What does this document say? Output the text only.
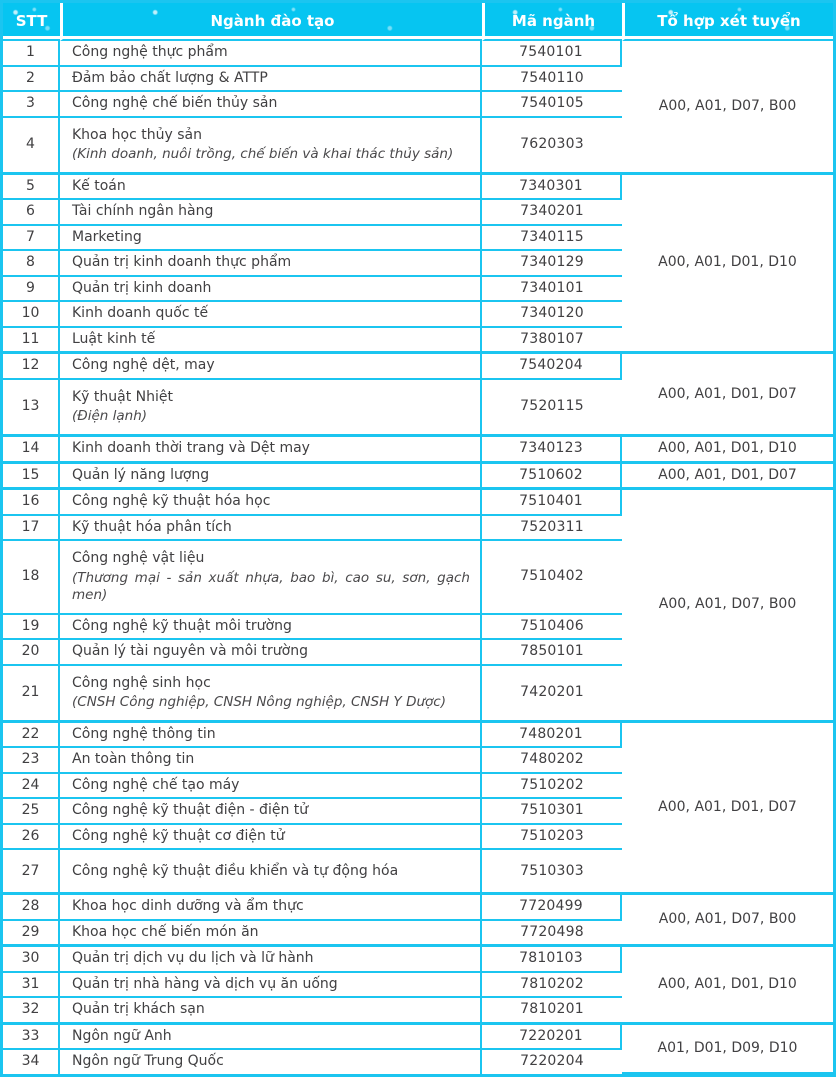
STT	Ngành đào tạo	Mã ngành	Tổ hợp xét tuyển
1	Công nghệ thực phẩm	7540101	A00, A01, D07, B00
2	Đảm bảo chất lượng & ATTP	7540110	
3	Công nghệ chế biến thủy sản	7540105	
4	Khoa học thủy sản
(Kinh doanh, nuôi trồng, chế biến và khai thác thủy sản)	7620303	
5	Kế toán	7340301	A00, A01, D01, D10
6	Tài chính ngân hàng	7340201	
7	Marketing	7340115	
8	Quản trị kinh doanh thực phẩm	7340129	
9	Quản trị kinh doanh	7340101	
10	Kinh doanh quốc tế	7340120	
11	Luật kinh tế	7380107	
12	Công nghệ dệt, may	7540204	A00, A01, D01, D07
13	Kỹ thuật Nhiệt
(Điện lạnh)	7520115	
14	Kinh doanh thời trang và Dệt may	7340123	A00, A01, D01, D10
15	Quản lý năng lượng	7510602	A00, A01, D01, D07
16	Công nghệ kỹ thuật hóa học	7510401	A00, A01, D07, B00
17	Kỹ thuật hóa phân tích	7520311	
18	Công nghệ vật liệu
(Thương mại - sản xuất nhựa, bao bì, cao su, sơn, gạch men)	7510402	
19	Công nghệ kỹ thuật môi trường	7510406	
20	Quản lý tài nguyên và môi trường	7850101	
21	Công nghệ sinh học
(CNSH Công nghiệp, CNSH Nông nghiệp, CNSH Y Dược)	7420201	
22	Công nghệ thông tin	7480201	A00, A01, D01, D07
23	An toàn thông tin	7480202	
24	Công nghệ chế tạo máy	7510202	
25	Công nghệ kỹ thuật điện - điện tử	7510301	
26	Công nghệ kỹ thuật cơ điện tử	7510203	
27	Công nghệ kỹ thuật điều khiển và tự động hóa	7510303	
28	Khoa học dinh dưỡng và ẩm thực	7720499	A00, A01, D07, B00
29	Khoa học chế biến món ăn	7720498	
30	Quản trị dịch vụ du lịch và lữ hành	7810103	A00, A01, D01, D10
31	Quản trị nhà hàng và dịch vụ ăn uống	7810202	
32	Quản trị khách sạn	7810201	
33	Ngôn ngữ Anh	7220201	A01, D01, D09, D10
34	Ngôn ngữ Trung Quốc	7220204	
